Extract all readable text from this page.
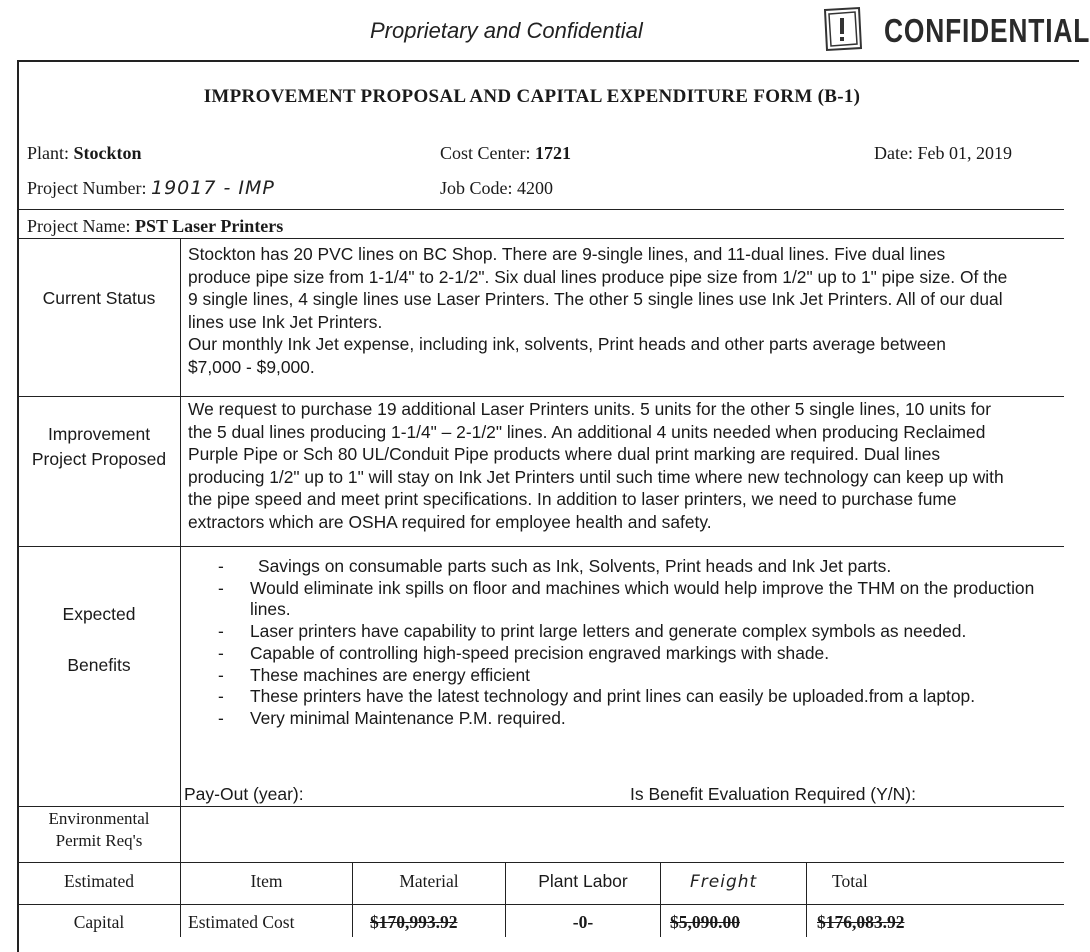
Proprietary and Confidential	CONFIDENTIAL
IMPROVEMENT PROPOSAL AND CAPITAL EXPENDITURE FORM (B-1)
Plant: Stockton	Cost Center: 1721	Date: Feb 01, 2019
Project Number: 19017 - IMP	Job Code: 4200
Project Name: PST Laser Printers
Current Status
Stockton has 20 PVC lines on BC Shop. There are 9-single lines, and 11-dual lines. Five dual lines
produce pipe size from 1-1/4" to 2-1/2". Six dual lines produce pipe size from 1/2" up to 1" pipe size. Of the
9 single lines, 4 single lines use Laser Printers. The other 5 single lines use Ink Jet Printers. All of our dual
lines use Ink Jet Printers.
Our monthly Ink Jet expense, including ink, solvents, Print heads and other parts average between
$7,000 - $9,000.
Improvement Project Proposed
We request to purchase 19 additional Laser Printers units. 5 units for the other 5 single lines, 10 units for
the 5 dual lines producing 1-1/4" – 2-1/2" lines. An additional 4 units needed when producing Reclaimed
Purple Pipe or Sch 80 UL/Conduit Pipe products where dual print marking are required. Dual lines
producing 1/2" up to 1" will stay on Ink Jet Printers until such time where new technology can keep up with
the pipe speed and meet print specifications. In addition to laser printers, we need to purchase fume
extractors which are OSHA required for employee health and safety.
Expected
Benefits
- Savings on consumable parts such as Ink, Solvents, Print heads and Ink Jet parts.
- Would eliminate ink spills on floor and machines which would help improve the THM on the production lines.
- Laser printers have capability to print large letters and generate complex symbols as needed.
- Capable of controlling high-speed precision engraved markings with shade.
- These machines are energy efficient
- These printers have the latest technology and print lines can easily be uploaded.from a laptop.
- Very minimal Maintenance P.M. required.
Pay-Out (year):	Is Benefit Evaluation Required (Y/N):
Environmental Permit Req's
Estimated	Item	Material	Plant Labor	Freight	Total
Capital	Estimated Cost	$170,993.92	-0-	$5,090.00	$176,083.92
